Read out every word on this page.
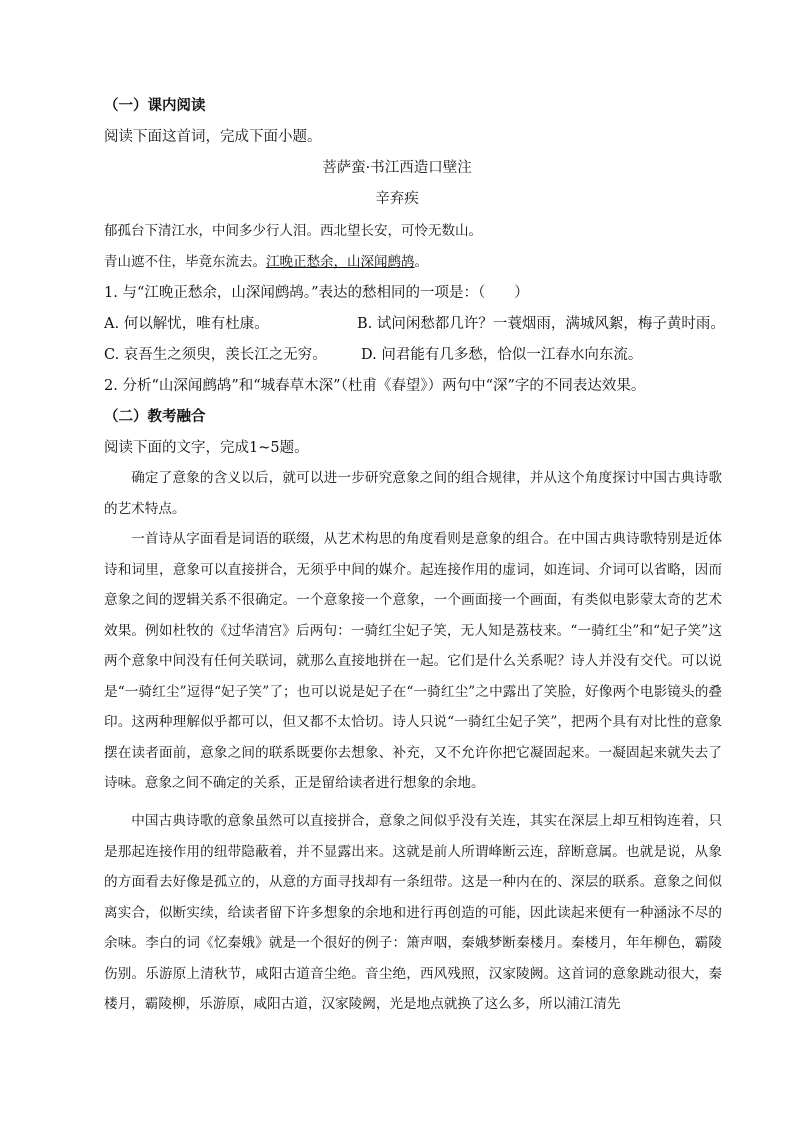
（一）课内阅读
阅读下面这首词，完成下面小题。
菩萨蛮·书江西造口壁注
辛弃疾
郁孤台下清江水，中间多少行人泪。西北望长安，可怜无数山。
青山遮不住，毕竟东流去。江晚正愁余，山深闻鹧鸪。
1. 与“江晚正愁余，山深闻鹧鸪。”表达的愁相同的一项是：（　　）
A. 何以解忧，唯有杜康。	B. 试问闲愁都几许？一蓑烟雨，满城风絮，梅子黄时雨。
C. 哀吾生之须臾，羡长江之无穷。 D. 问君能有几多愁，恰似一江春水向东流。
2. 分析“山深闻鹧鸪”和“城春草木深”（杜甫《春望》）两句中“深”字的不同表达效果。
（二）教考融合
阅读下面的文字，完成1~5题。

确定了意象的含义以后，就可以进一步研究意象之间的组合规律，并从这个角度探讨中国古典诗歌的艺术特点。

一首诗从字面看是词语的联缀，从艺术构思的角度看则是意象的组合。在中国古典诗歌特别是近体诗和词里，意象可以直接拼合，无须乎中间的媒介。起连接作用的虚词，如连词、介词可以省略，因而意象之间的逻辑关系不很确定。一个意象接一个意象，一个画面接一个画面，有类似电影蒙太奇的艺术效果。例如杜牧的《过华清宫》后两句：一骑红尘妃子笑，无人知是荔枝来。“一骑红尘”和“妃子笑”这两个意象中间没有任何关联词，就那么直接地拼在一起。它们是什么关系呢？诗人并没有交代。可以说是“一骑红尘”逗得“妃子笑”了；也可以说是妃子在“一骑红尘”之中露出了笑脸，好像两个电影镜头的叠印。这两种理解似乎都可以，但又都不太恰切。诗人只说“一骑红尘妃子笑”，把两个具有对比性的意象摆在读者面前，意象之间的联系既要你去想象、补充，又不允许你把它凝固起来。一凝固起来就失去了诗味。意象之间不确定的关系，正是留给读者进行想象的余地。

中国古典诗歌的意象虽然可以直接拼合，意象之间似乎没有关连，其实在深层上却互相钩连着，只是那起连接作用的纽带隐蔽着，并不显露出来。这就是前人所谓峰断云连，辞断意属。也就是说，从象的方面看去好像是孤立的，从意的方面寻找却有一条纽带。这是一种内在的、深层的联系。意象之间似离实合，似断实续，给读者留下许多想象的余地和进行再创造的可能，因此读起来便有一种涵泳不尽的余味。李白的词《忆秦娥》就是一个很好的例子：箫声咽，秦娥梦断秦楼月。秦楼月，年年柳色，霸陵伤别。乐游原上清秋节，咸阳古道音尘绝。音尘绝，西风残照，汉家陵阙。这首词的意象跳动很大，秦楼月，霸陵柳，乐游原，咸阳古道，汉家陵阙，光是地点就换了这么多，所以浦江清先
